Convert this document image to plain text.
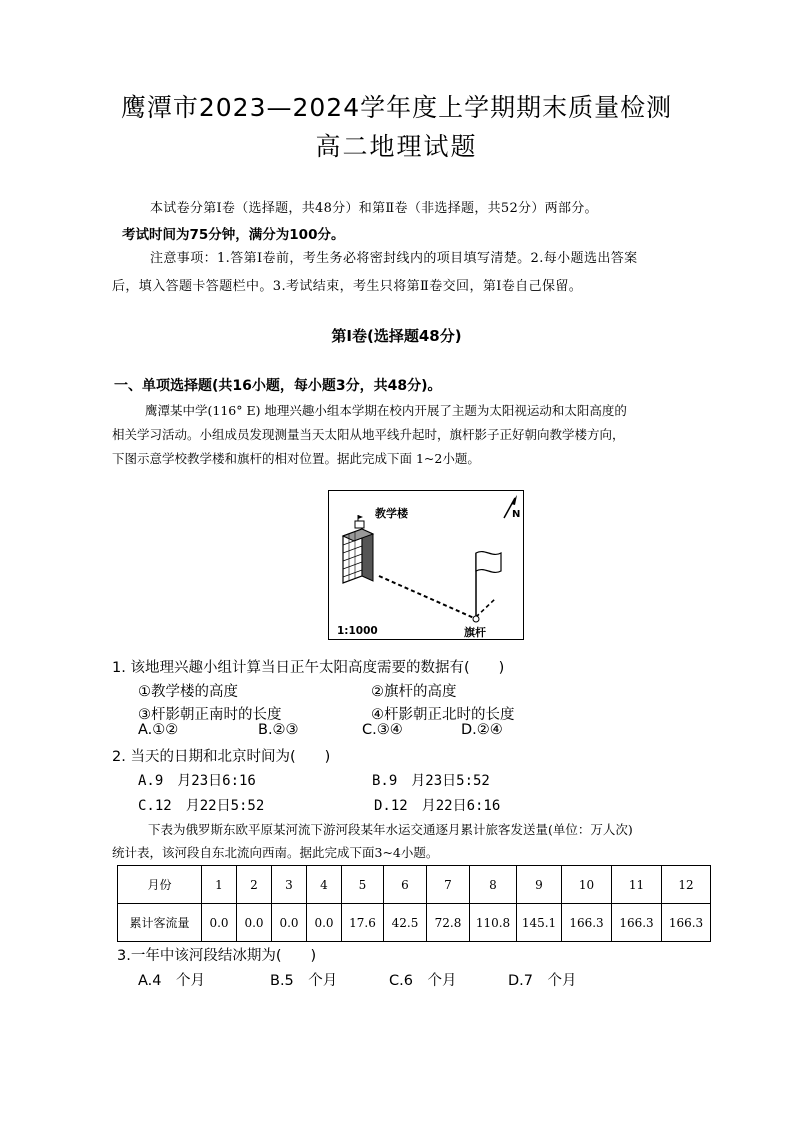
鹰潭市2023—2024学年度上学期期末质量检测
高二地理试题
本试卷分第Ⅰ卷（选择题，共48分）和第Ⅱ卷（非选择题，共52分）两部分。
考试时间为75分钟，满分为100分。
注意事项：1.答第Ⅰ卷前，考生务必将密封线内的项目填写清楚。2.每小题选出答案
后，填入答题卡答题栏中。3.考试结束，考生只将第Ⅱ卷交回，第Ⅰ卷自己保留。
第Ⅰ卷(选择题48分)
一、单项选择题(共16小题，每小题3分，共48分)。
鹰潭某中学(116° E) 地理兴趣小组本学期在校内开展了主题为太阳视运动和太阳高度的
相关学习活动。小组成员发现测量当天太阳从地平线升起时，旗杆影子正好朝向教学楼方向，
下图示意学校教学楼和旗杆的相对位置。据此完成下面 1~2小题。
教学楼	N
1:1000	旗杆
1. 该地理兴趣小组计算当日正午太阳高度需要的数据有(　　)
①教学楼的高度	②旗杆的高度
③杆影朝正南时的长度	④杆影朝正北时的长度
A.①②	B.②③	C.③④	D.②④
2. 当天的日期和北京时间为(　　)
A.9　月23日6:16	B.9　月23日5:52
C.12　月22日5:52	D.12　月22日6:16
下表为俄罗斯东欧平原某河流下游河段某年水运交通逐月累计旅客发送量(单位：万人次)
统计表，该河段自东北流向西南。据此完成下面3~4小题。
月份	1	2	3	4	5	6	7	8	9	10	11	12
累计客流量	0.0	0.0	0.0	0.0	17.6	42.5	72.8	110.8	145.1	166.3	166.3	166.3
3.一年中该河段结冰期为(　　)
A.4　个月	B.5　个月	C.6　个月	D.7　个月
